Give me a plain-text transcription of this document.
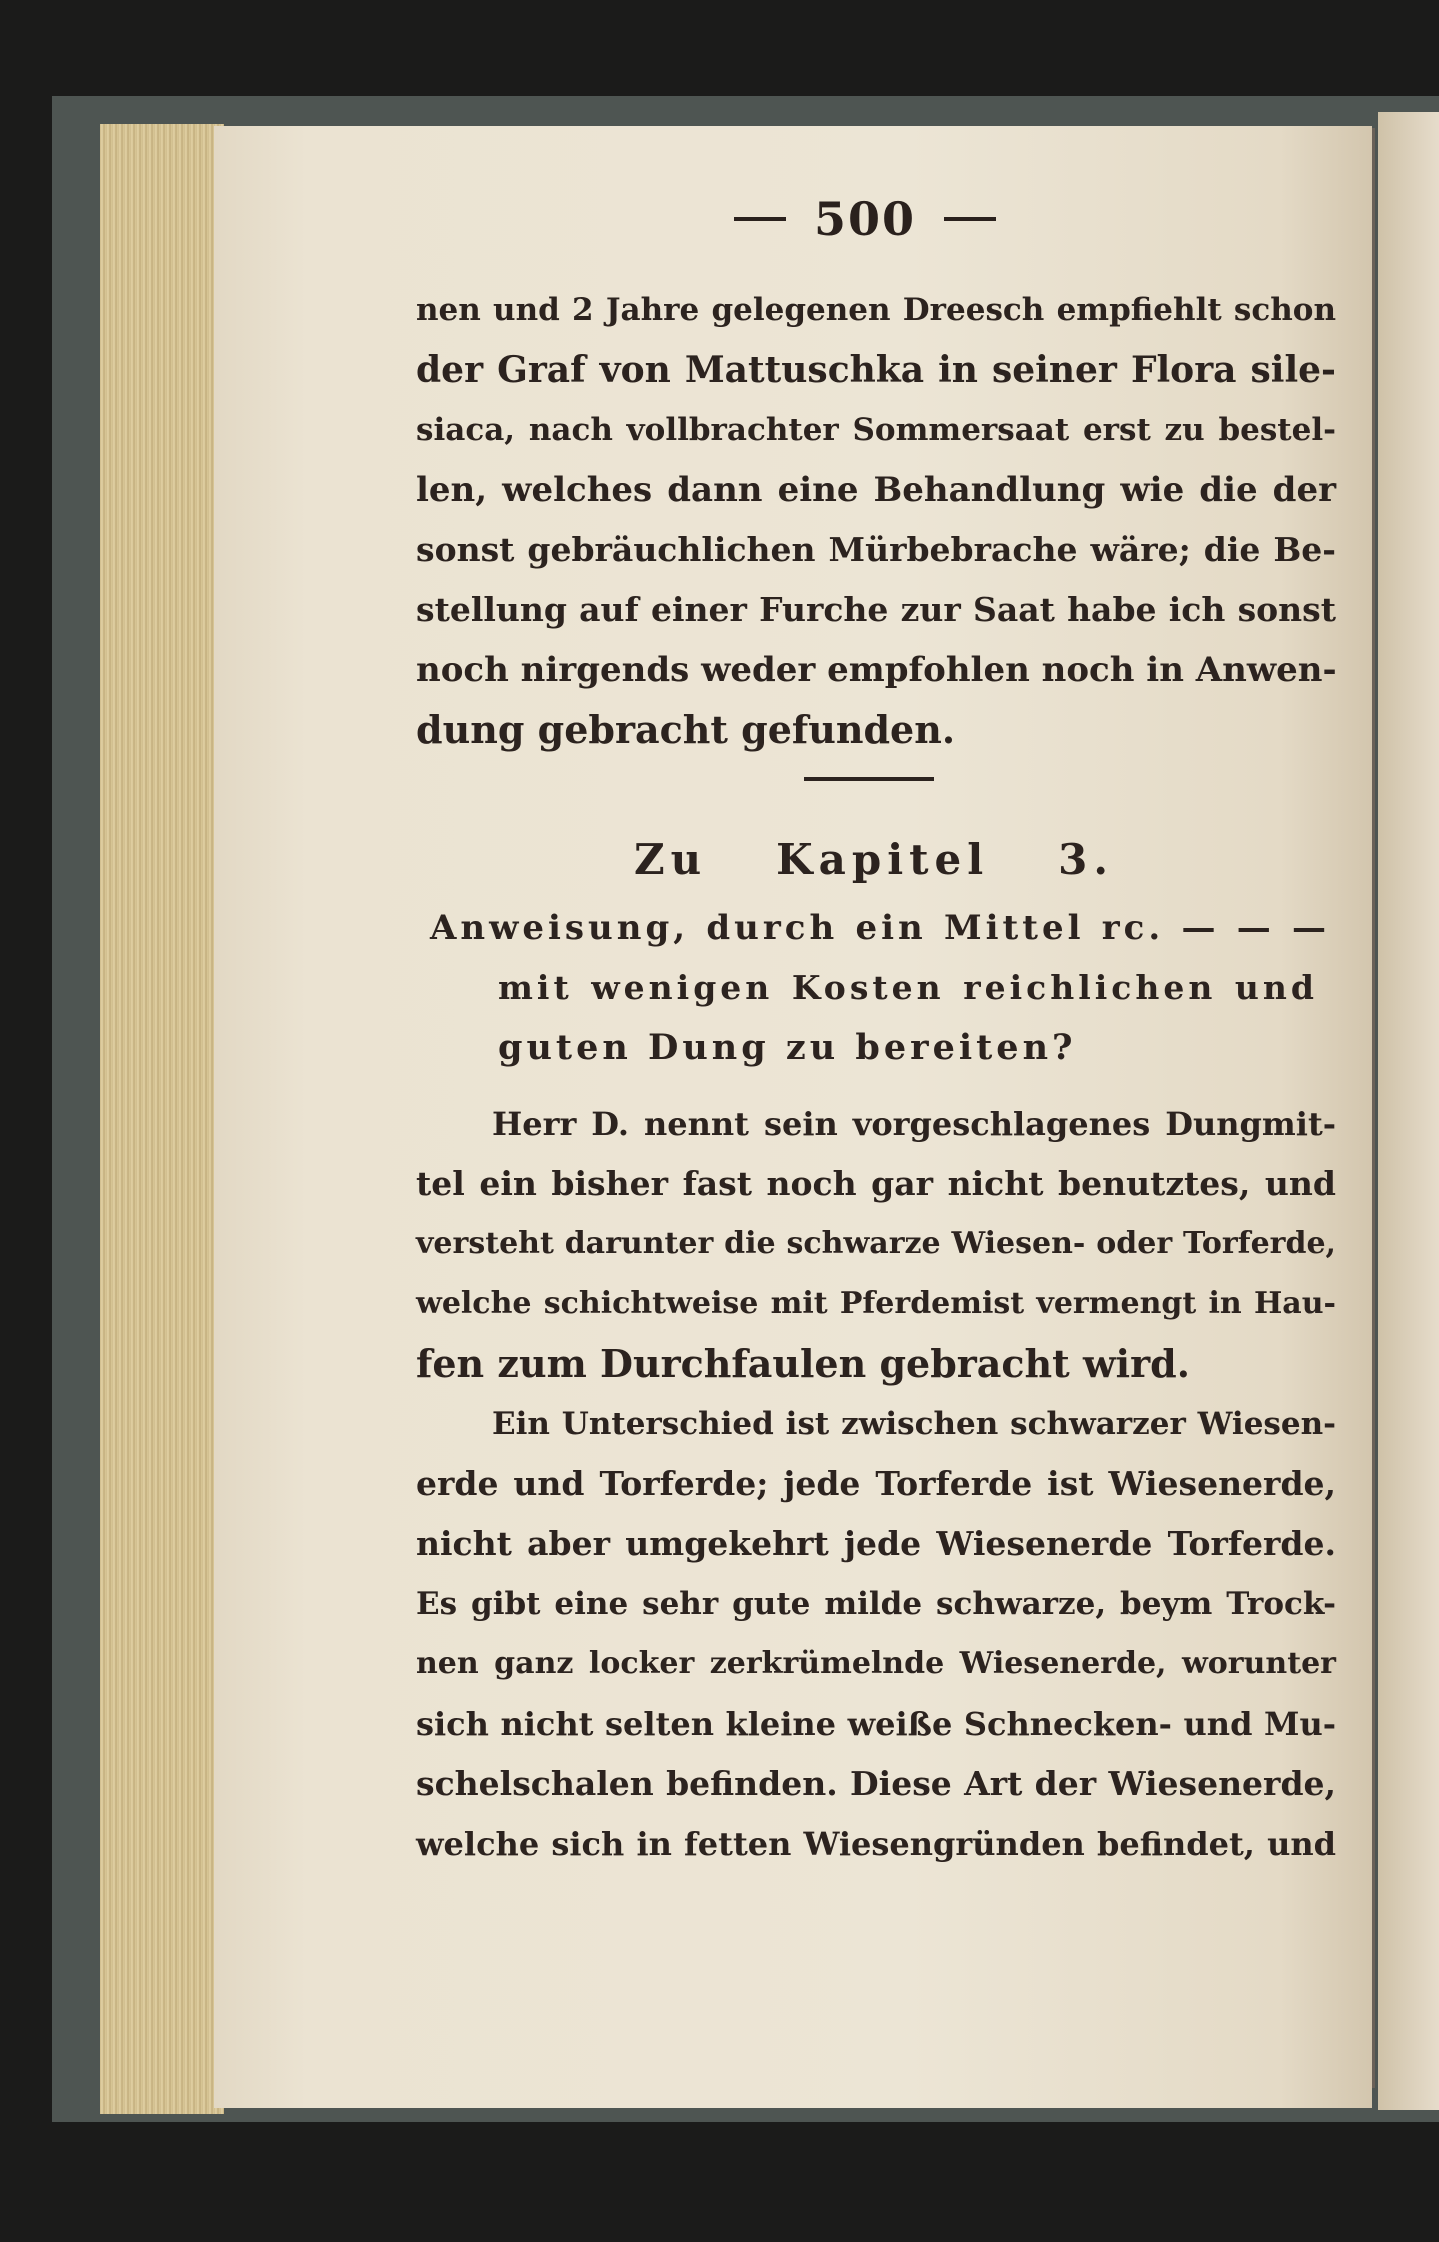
500
nen und 2 Jahre gelegenen Dreesch empfiehlt schon
der Graf von Mattuschka in seiner Flora sile-
siaca, nach vollbrachter Sommersaat erst zu bestel-
len, welches dann eine Behandlung wie die der
sonst gebräuchlichen Mürbebrache wäre; die Be-
stellung auf einer Furche zur Saat habe ich sonst
noch nirgends weder empfohlen noch in Anwen-
dung gebracht gefunden.
Zu Kapitel 3.
Anweisung, durch ein Mittel rc. — — —
mit wenigen Kosten reichlichen und
guten Dung zu bereiten?
Herr D. nennt sein vorgeschlagenes Dungmit-
tel ein bisher fast noch gar nicht benutztes, und
versteht darunter die schwarze Wiesen- oder Torferde,
welche schichtweise mit Pferdemist vermengt in Hau-
fen zum Durchfaulen gebracht wird.
Ein Unterschied ist zwischen schwarzer Wiesen-
erde und Torferde; jede Torferde ist Wiesenerde,
nicht aber umgekehrt jede Wiesenerde Torferde.
Es gibt eine sehr gute milde schwarze, beym Trock-
nen ganz locker zerkrümelnde Wiesenerde, worunter
sich nicht selten kleine weiße Schnecken- und Mu-
schelschalen befinden. Diese Art der Wiesenerde,
welche sich in fetten Wiesengründen befindet, und
